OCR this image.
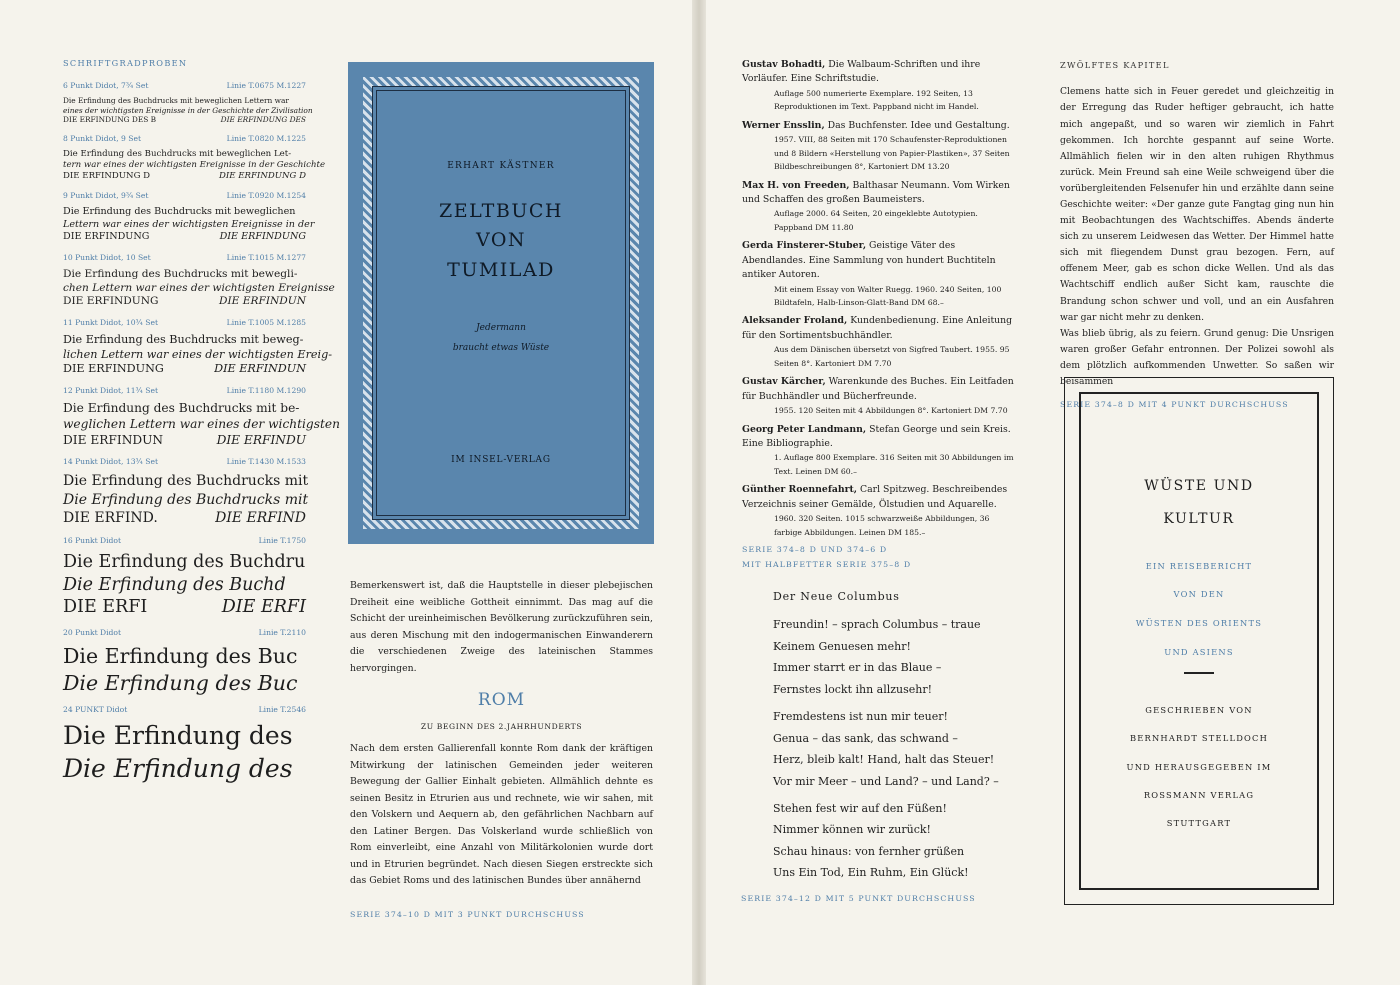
SCHRIFTGRADPROBEN
6 Punkt Didot, 7¾ Set	Linie T.0675 M.1227
Die Erfindung des Buchdrucks mit beweglichen Lettern war
eines der wichtigsten Ereignisse in der Geschichte der Zivilisation
DIE ERFINDUNG DES B	DIE ERFINDUNG DES
8 Punkt Didot, 9 Set	Linie T.0820 M.1225
Die Erfindung des Buchdrucks mit beweglichen Let-
tern war eines der wichtigsten Ereignisse in der Geschichte
DIE ERFINDUNG D	DIE ERFINDUNG D
9 Punkt Didot, 9¾ Set	Linie T.0920 M.1254
Die Erfindung des Buchdrucks mit beweglichen
Lettern war eines der wichtigsten Ereignisse in der
DIE ERFINDUNG	DIE ERFINDUNG
10 Punkt Didot, 10 Set	Linie T.1015 M.1277
Die Erfindung des Buchdrucks mit bewegli-
chen Lettern war eines der wichtigsten Ereignisse
DIE ERFINDUNG	DIE ERFINDUN
11 Punkt Didot, 10¾ Set	Linie T.1005 M.1285
Die Erfindung des Buchdrucks mit beweg-
lichen Lettern war eines der wichtigsten Ereig-
DIE ERFINDUNG	DIE ERFINDUN
12 Punkt Didot, 11¾ Set	Linie T.1180 M.1290
Die Erfindung des Buchdrucks mit be-
weglichen Lettern war eines der wichtigsten
DIE ERFINDUN	DIE ERFINDU
14 Punkt Didot, 13¾ Set	Linie T.1430 M.1533
Die Erfindung des Buchdrucks mit
Die Erfindung des Buchdrucks mit
DIE ERFIND.	DIE ERFIND
16 Punkt Didot	Linie T.1750
Die Erfindung des Buchdru
Die Erfindung des Buchd
DIE ERFI	DIE ERFI
20 Punkt Didot	Linie T.2110
Die Erfindung des Buc
Die Erfindung des Buc
24 PUNKT Didot	Linie T.2546
Die Erfindung des
Die Erfindung des
ERHART KÄSTNER
ZELTBUCH
VON
TUMILAD
Jedermann
braucht etwas Wüste
IM INSEL-VERLAG

Bemerkenswert ist, daß die Hauptstelle in dieser plebejischen Dreiheit eine weibliche Gottheit einnimmt. Das mag auf die Schicht der ureinheimischen Bevölkerung zurückzuführen sein, aus deren Mischung mit den indogermanischen Einwanderern die verschiedenen Zweige des lateinischen Stammes hervorgingen.

ROM
ZU BEGINN DES 2.JAHRHUNDERTS

Nach dem ersten Gallierenfall konnte Rom dank der kräftigen Mitwirkung der latinischen Gemeinden jeder weiteren Bewegung der Gallier Einhalt gebieten. Allmählich dehnte es seinen Besitz in Etrurien aus und rechnete, wie wir sahen, mit den Volskern und Aequern ab, den gefährlichen Nachbarn auf den Latiner Bergen. Das Volskerland wurde schließlich von Rom einverleibt, eine Anzahl von Militärkolonien wurde dort und in Etrurien begründet. Nach diesen Siegen erstreckte sich das Gebiet Roms und des latinischen Bundes über annähernd

SERIE 374–10 D MIT 3 PUNKT DURCHSCHUSS
Gustav Bohadti, Die Walbaum-Schriften und ihre Vorläufer. Eine Schriftstudie.
Auflage 500 numerierte Exemplare. 192 Seiten, 13 Reproduktionen im Text. Pappband nicht im Handel.
Werner Ensslin, Das Buchfenster. Idee und Gestaltung.
1957. VIII, 88 Seiten mit 170 Schaufenster-Reproduktionen und 8 Bildern «Herstellung von Papier-Plastiken», 37 Seiten Bildbeschreibungen 8°, Kartoniert DM 13.20
Max H. von Freeden, Balthasar Neumann. Vom Wirken und Schaffen des großen Baumeisters.
Auflage 2000. 64 Seiten, 20 eingeklebte Autotypien. Pappband DM 11.80
Gerda Finsterer-Stuber, Geistige Väter des Abendlandes. Eine Sammlung von hundert Buchtiteln antiker Autoren.
Mit einem Essay von Walter Ruegg. 1960. 240 Seiten, 100 Bildtafeln, Halb-Linson-Glatt-Band DM 68.–
Aleksander Froland, Kundenbedienung. Eine Anleitung für den Sortimentsbuchhändler.
Aus dem Dänischen übersetzt von Sigfred Taubert. 1955. 95 Seiten 8°. Kartoniert DM 7.70
Gustav Kärcher, Warenkunde des Buches. Ein Leitfaden für Buchhändler und Bücherfreunde.
1955. 120 Seiten mit 4 Abbildungen 8°. Kartoniert DM 7.70
Georg Peter Landmann, Stefan George und sein Kreis. Eine Bibliographie.
1. Auflage 800 Exemplare. 316 Seiten mit 30 Abbildungen im Text. Leinen DM 60.–
Günther Roennefahrt, Carl Spitzweg. Beschreibendes Verzeichnis seiner Gemälde, Ölstudien und Aquarelle.
1960. 320 Seiten. 1015 schwarzweiße Abbildungen, 36 farbige Abbildungen. Leinen DM 185.–
SERIE 374–8 D UND 374–6 D
MIT HALBFETTER SERIE 375–8 D
Der Neue Columbus
Freundin! – sprach Columbus – traue
Keinem Genuesen mehr!
Immer starrt er in das Blaue –
Fernstes lockt ihn allzusehr!
Fremdestens ist nun mir teuer!
Genua – das sank, das schwand –
Herz, bleib kalt! Hand, halt das Steuer!
Vor mir Meer – und Land? – und Land? –
Stehen fest wir auf den Füßen!
Nimmer können wir zurück!
Schau hinaus: von fernher grüßen
Uns Ein Tod, Ein Ruhm, Ein Glück!
SERIE 374–12 D MIT 5 PUNKT DURCHSCHUSS
ZWÖLFTES KAPITEL

Clemens hatte sich in Feuer geredet und gleichzeitig in der Erregung das Ruder heftiger gebraucht, ich hatte mich angepaßt, und so waren wir ziemlich in Fahrt gekommen. Ich horchte gespannt auf seine Worte. Allmählich fielen wir in den alten ruhigen Rhythmus zurück. Mein Freund sah eine Weile schweigend über die vorübergleitenden Felsenufer hin und erzählte dann seine Geschichte weiter: «Der ganze gute Fangtag ging nun hin mit Beobachtungen des Wachtschiffes. Abends änderte sich zu unserem Leidwesen das Wetter. Der Himmel hatte sich mit fliegendem Dunst grau bezogen. Fern, auf offenem Meer, gab es schon dicke Wellen. Und als das Wachtschiff endlich außer Sicht kam, rauschte die Brandung schon schwer und voll, und an ein Ausfahren war gar nicht mehr zu denken.

Was blieb übrig, als zu feiern. Grund genug: Die Unsrigen waren großer Gefahr entronnen. Der Polizei sowohl als dem plötzlich aufkommenden Unwetter. So saßen wir beisammen

SERIE 374–8 D MIT 4 PUNKT DURCHSCHUSS
WÜSTE UND
KULTUR
EIN REISEBERICHT
VON DEN
WÜSTEN DES ORIENTS
UND ASIENS
GESCHRIEBEN VON
BERNHARDT STELLDOCH
UND HERAUSGEGEBEN IM
ROSSMANN VERLAG
STUTTGART
